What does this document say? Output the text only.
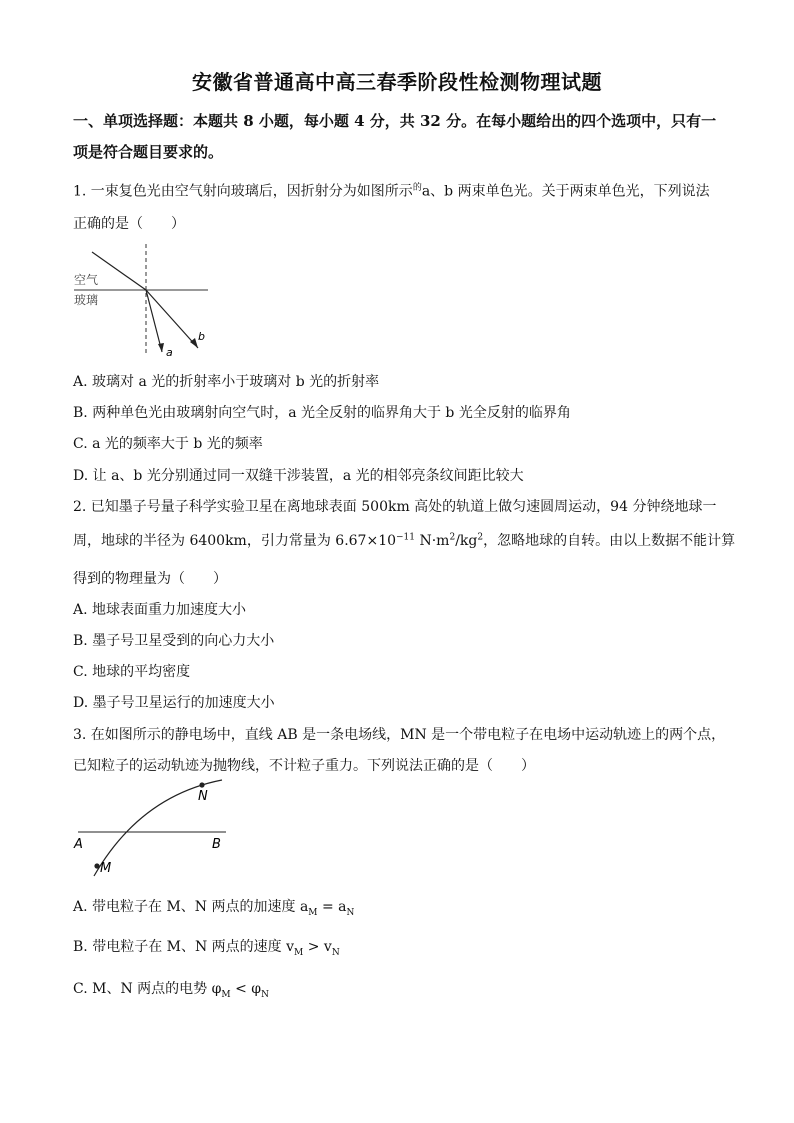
安徽省普通高中高三春季阶段性检测物理试题
一、单项选择题：本题共 8 小题，每小题 4 分，共 32 分。在每小题给出的四个选项中，只有一项是符合题目要求的。
1. 一束复色光由空气射向玻璃后，因折射分为如图所示$^的$a、b 两束单色光。关于两束单色光，下列说法
正确的是（　　）
空气
玻璃
a
b
A. 玻璃对 a 光的折射率小于玻璃对 b 光的折射率
B. 两种单色光由玻璃射向空气时，a 光全反射的临界角大于 b 光全反射的临界角
C. a 光的频率大于 b 光的频率
D. 让 a、b 光分别通过同一双缝干涉装置，a 光的相邻亮条纹间距比较大
2. 已知墨子号量子科学实验卫星在离地球表面 500km 高处的轨道上做匀速圆周运动，94 分钟绕地球一
周，地球的半径为 6400km，引力常量为 $6.67\times 10^{-11}$ $N\cdot m^2/kg^2$，忽略地球的自转。由以上数据不能计算
得到的物理量为（　　）
A. 地球表面重力加速度大小
B. 墨子号卫星受到的向心力大小
C. 地球的平均密度
D. 墨子号卫星运行的加速度大小
3. 在如图所示的静电场中，直线 AB 是一条电场线，MN 是一个带电粒子在电场中运动轨迹上的两个点，
已知粒子的运动轨迹为抛物线，不计粒子重力。下列说法正确的是（　　）
A	B
M
N
A. 带电粒子在 M、N 两点的加速度 $a_M = a_N$
B. 带电粒子在 M、N 两点的速度 $v_M > v_N$
C. M、N 两点的电势 $\varphi_M < \varphi_N$
